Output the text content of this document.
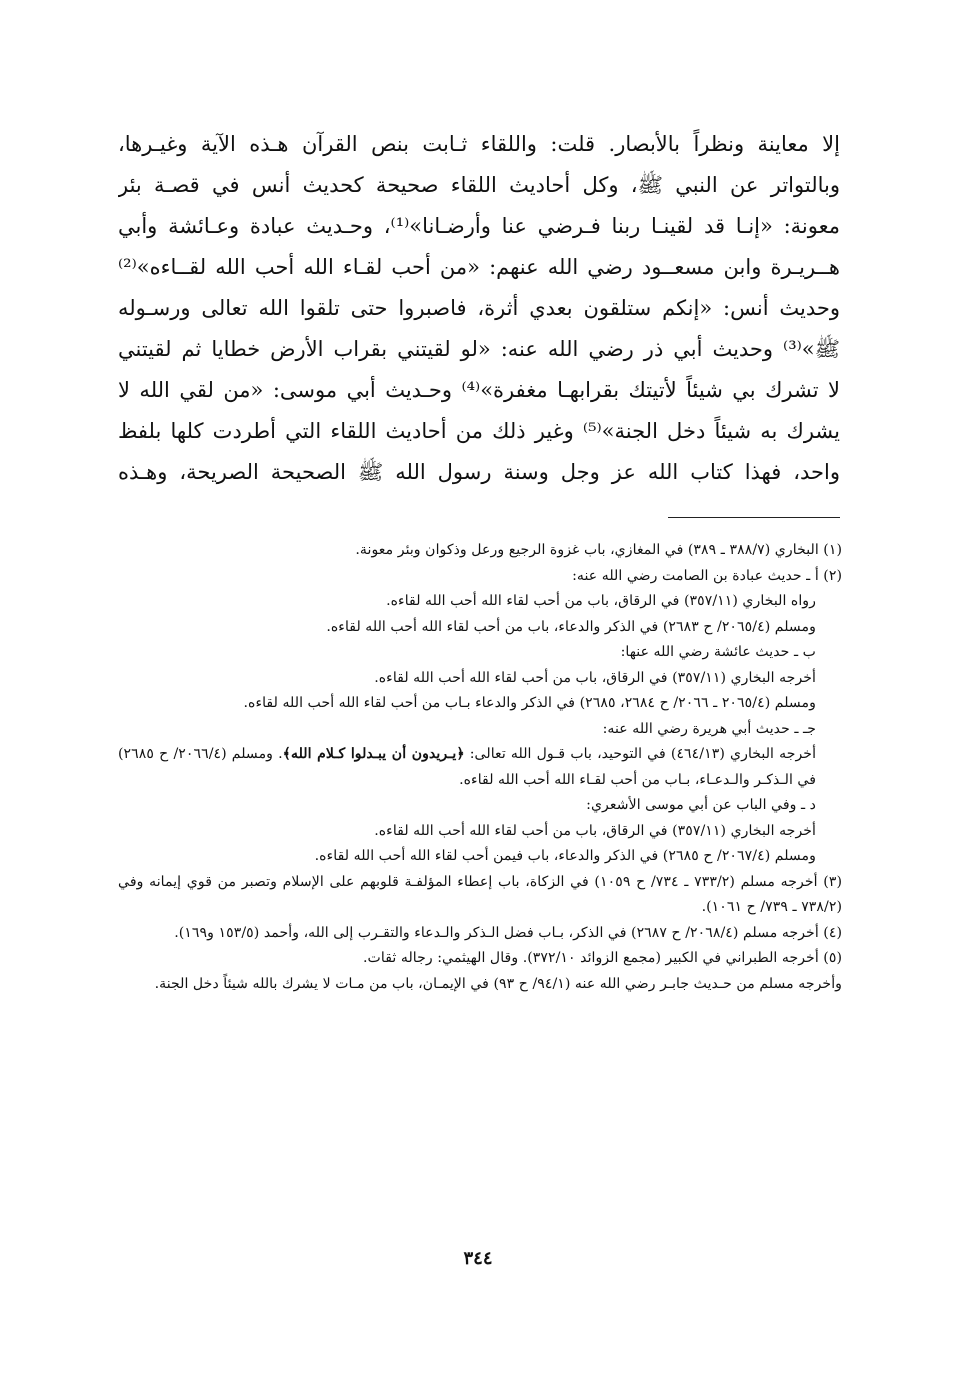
إلا معاينة ونظراً بالأبصار. قلت: واللقاء ثـابت بنص القرآن هـذه الآية وغيـرها،
وبالتواتر عن النبي ﷺ، وكل أحاديث اللقاء صحيحة كحديث أنس في قصـة بئر
معونة: «إنـا قد لقينـا ربنا فـرضي عنا وأرضـانا»⁽¹⁾، وحـديث عبادة وعـائشة وأبي
هــريـرة وابن مسعــود رضي الله عنهم: «من أحب لقـاء الله أحب الله لقــاءه»⁽²⁾
وحديث أنس: «إنكم ستلقون بعدي أثرة، فاصبروا حتى تلقوا الله تعالى ورسـوله
ﷺ»⁽³⁾ وحديث أبي ذر رضي الله عنه: «لو لقيتني بقراب الأرض خطايا ثم لقيتني
لا تشرك بي شيئاً لأتيتك بقرابهـا مغفرة»⁽⁴⁾ وحـديث أبي موسى: «من لقي الله لا
يشرك به شيئاً دخل الجنة»⁽⁵⁾ وغير ذلك من أحاديث اللقاء التي أطردت كلها بلفظ
واحد، فهذا كتاب الله عز وجل وسنة رسول الله ﷺ الصحيحة الصريحة، وهـذه
(١) البخاري (٣٨٨/٧ ـ ٣٨٩) في المغازي، باب غزوة الرجيع ورعل وذكوان وبئر معونة.
(٢) أ ـ حديث عبادة بن الصامت رضي الله عنه:
رواه البخاري (٣٥٧/١١) في الرقاق، باب من أحب لقاء الله أحب الله لقاءه.
ومسلم (٢٠٦٥/٤/ ح ٢٦٨٣) في الذكر والدعاء، باب من أحب لقاء الله أحب الله لقاءه.
ب ـ حديث عائشة رضي الله عنها:
أخرجه البخاري (٣٥٧/١١) في الرقاق، باب من أحب لقاء الله أحب الله لقاءه.
ومسلم (٢٠٦٥/٤ ـ ٢٠٦٦/ ح ٢٦٨٤، ٢٦٨٥) في الذكر والدعاء بـاب من أحب لقاء الله أحب الله لقاءه.
جـ ـ حديث أبي هريرة رضي الله عنه:
أخرجه البخاري (٤٦٤/١٣) في التوحيد، باب قـول الله تعالى: ﴿يـريدون أن يبـدلوا كـلام الله﴾. ومسلم (٢٠٦٦/٤/ ح ٢٦٨٥) في الـذكـر والـدعـاء، بـاب من أحب لقـاء الله أحب الله لقاءه.
د ـ وفي الباب عن أبي موسى الأشعري:
أخرجه البخاري (٣٥٧/١١) في الرقاق، باب من أحب لقاء الله أحب الله لقاءه.
ومسلم (٢٠٦٧/٤/ ح ٢٦٨٥) في الذكر والدعاء، باب فيمن أحب لقاء الله أحب الله لقاءه.
(٣) أخرجه مسلم (٧٣٣/٢ ـ ٧٣٤/ ح ١٠٥٩) في الزكاة، باب إعطاء المؤلفـة قلوبهم على الإسلام وتصبر من قوي إيمانه وفي (٧٣٨/٢ ـ ٧٣٩/ ح ١٠٦١).
(٤) أخرجه مسلم (٢٠٦٨/٤/ ح ٢٦٨٧) في الذكر، بـاب فضل الـذكر والـدعاء والتقـرب إلى الله، وأحمد (١٥٣/٥ و١٦٩).
(٥) أخرجه الطبراني في الكبير (مجمع الزوائد ٣٧٢/١٠). وقال الهيثمي: رجاله ثقات.
وأخرجه مسلم من حـديث جابـر رضي الله عنه (٩٤/١/ ح ٩٣) في الإيمـان، باب من مـات لا يشرك بالله شيئاً دخل الجنة.
٣٤٤
